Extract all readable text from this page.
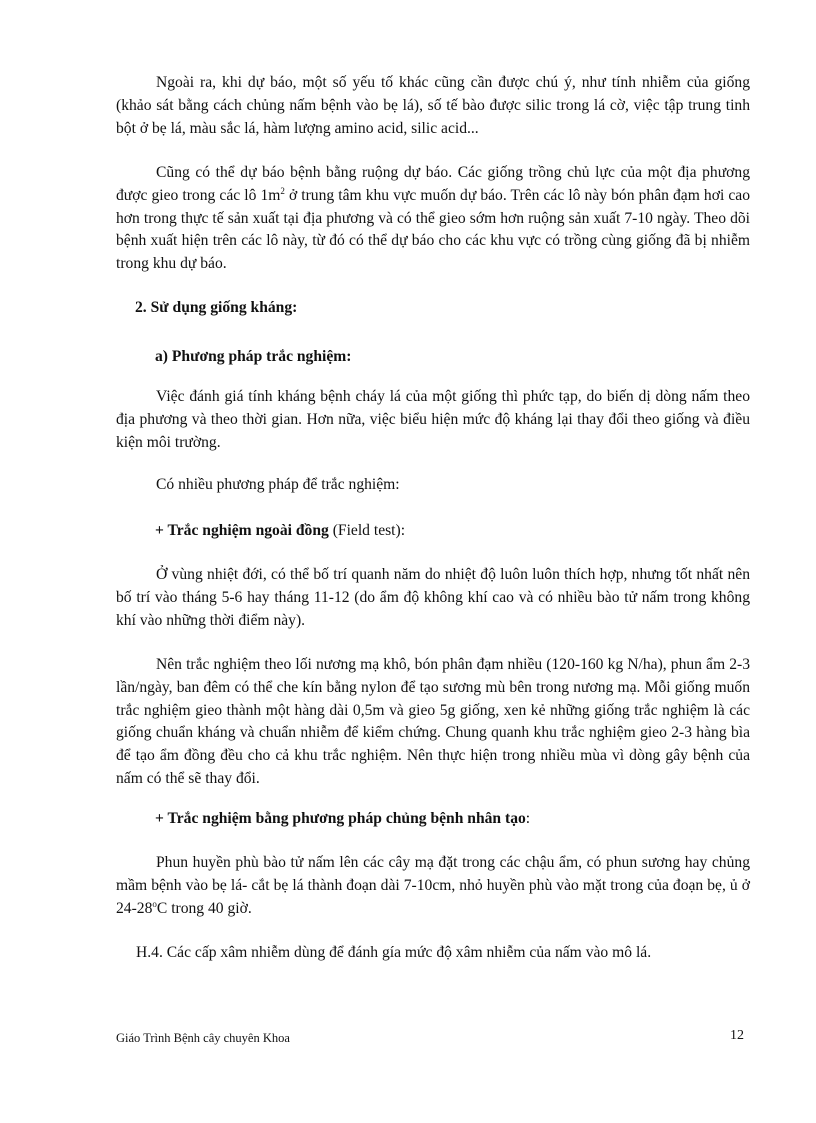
Ngoài ra, khi dự báo, một số yếu tố khác cũng cần được chú ý, như tính nhiễm của giống (khảo sát bằng cách chủng nấm bệnh vào bẹ lá), số tế bào được silic trong lá cờ, việc tập trung tinh bột ở bẹ lá, màu sắc lá, hàm lượng amino acid, silic acid...

Cũng có thể dự báo bệnh bằng ruộng dự báo. Các giống trồng chủ lực của một địa phương được gieo trong các lô $1m^2$ ở trung tâm khu vực muốn dự báo. Trên các lô này bón phân đạm hơi cao hơn trong thực tế sản xuất tại địa phương và có thể gieo sớm hơn ruộng sản xuất 7-10 ngày. Theo dõi bệnh xuất hiện trên các lô này, từ đó có thể dự báo cho các khu vực có trồng cùng giống đã bị nhiễm trong khu dự báo.

2. Sử dụng giống kháng:

a) Phương pháp trắc nghiệm:

Việc đánh giá tính kháng bệnh cháy lá của một giống thì phức tạp, do biến dị dòng nấm theo địa phương và theo thời gian. Hơn nữa, việc biểu hiện mức độ kháng lại thay đổi theo giống và điều kiện môi trường.

Có nhiều phương pháp để trắc nghiệm:

+ Trắc nghiệm ngoài đồng (Field test):

Ở vùng nhiệt đới, có thể bố trí quanh năm do nhiệt độ luôn luôn thích hợp, nhưng tốt nhất nên bố trí vào tháng 5-6 hay tháng 11-12 (do ẩm độ không khí cao và có nhiều bào tử nấm trong không khí vào những thời điểm này).

Nên trắc nghiệm theo lối nương mạ khô, bón phân đạm nhiều (120-160 kg N/ha), phun ẩm 2-3 lần/ngày, ban đêm có thể che kín bằng nylon để tạo sương mù bên trong nương mạ. Mỗi giống muốn trắc nghiệm gieo thành một hàng dài 0,5m và gieo 5g giống, xen kẻ những giống trắc nghiệm là các giống chuẩn kháng và chuẩn nhiễm để kiểm chứng. Chung quanh khu trắc nghiệm gieo 2-3 hàng bìa để tạo ẩm đồng đều cho cả khu trắc nghiệm. Nên thực hiện trong nhiều mùa vì dòng gây bệnh của nấm có thể sẽ thay đổi.

+ Trắc nghiệm bằng phương pháp chủng bệnh nhân tạo:

Phun huyền phù bào tử nấm lên các cây mạ đặt trong các chậu ẩm, có phun sương hay chủng mầm bệnh vào bẹ lá- cắt bẹ lá thành đoạn dài 7-10cm, nhỏ huyền phù vào mặt trong của đoạn bẹ, ủ ở 24-28$^o$C trong 40 giờ.

H.4. Các cấp xâm nhiễm dùng để đánh gía mức độ xâm nhiễm của nấm vào mô lá.

Giáo Trình Bệnh cây chuyên Khoa	12
